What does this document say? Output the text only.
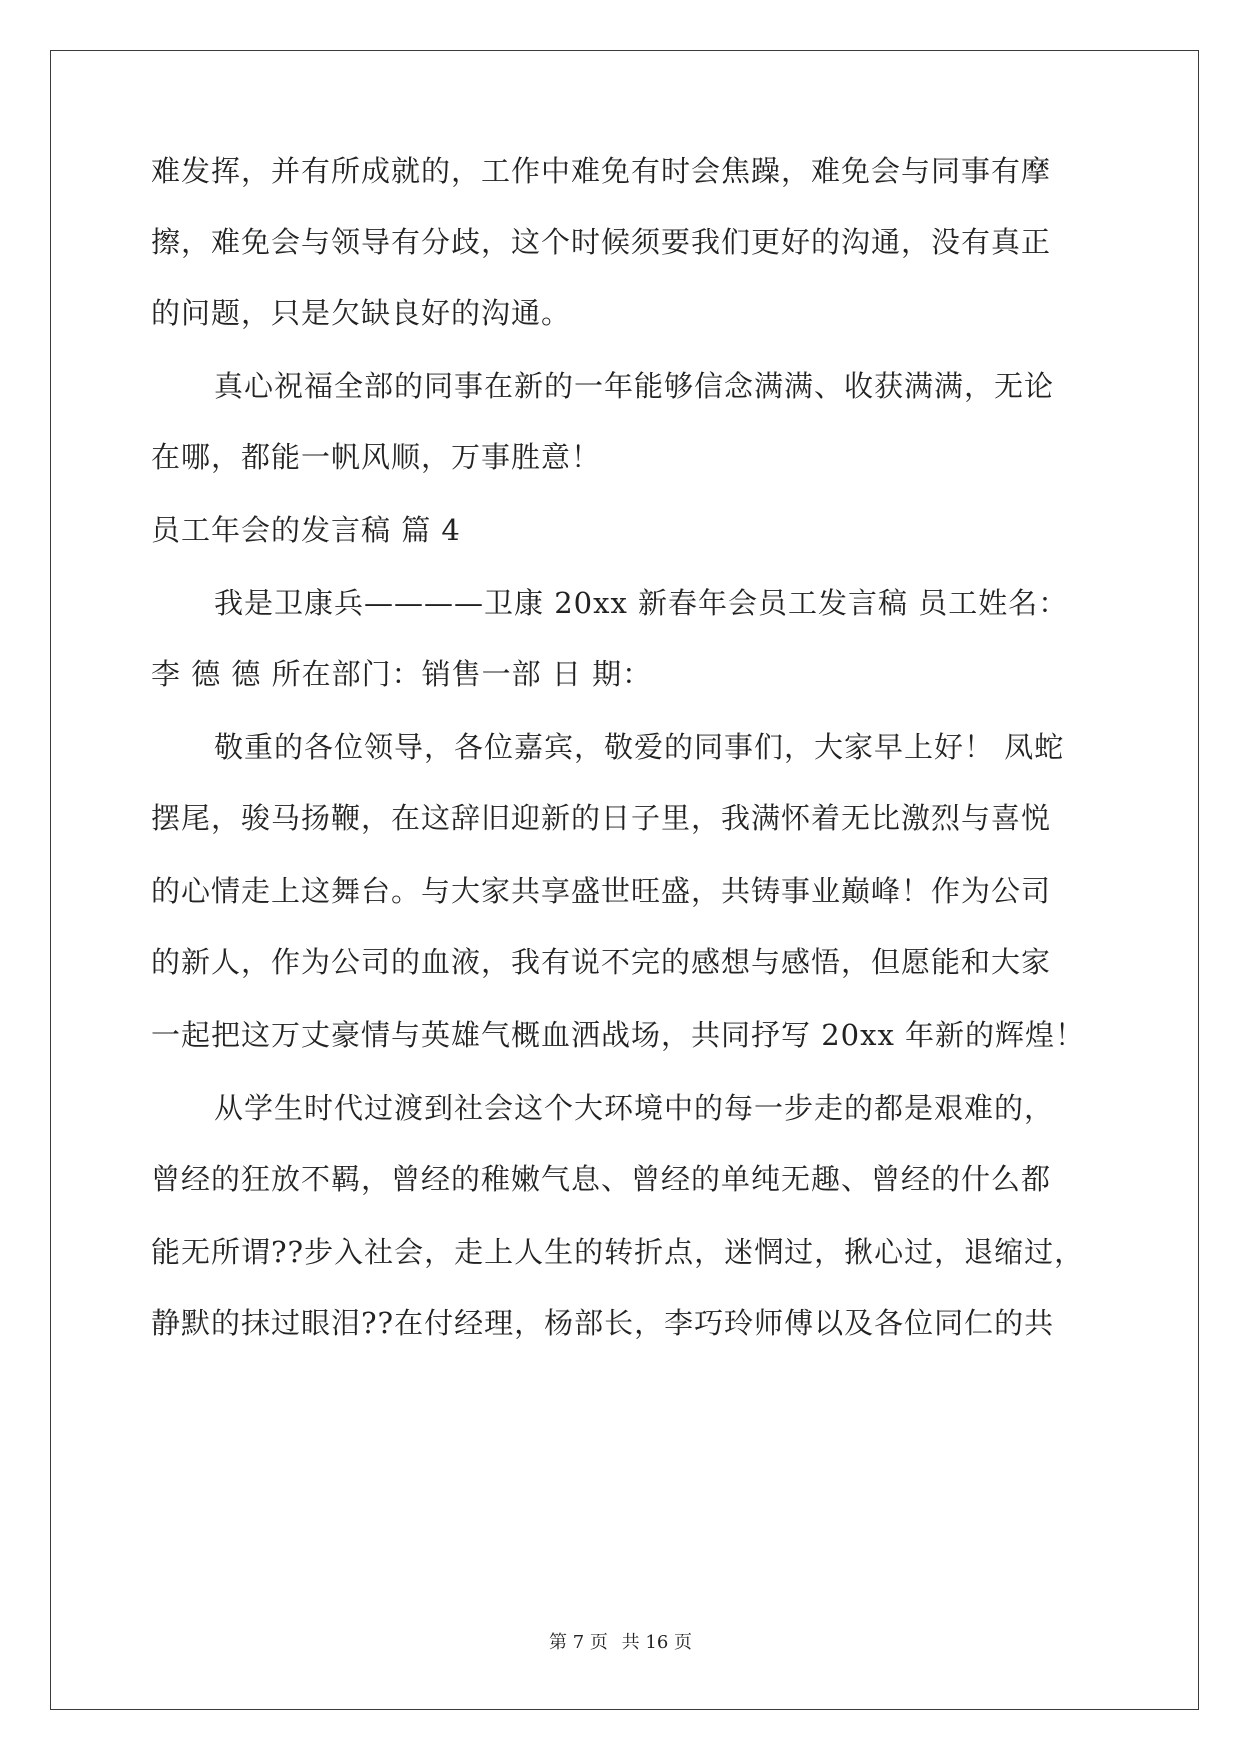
难发挥，并有所成就的，工作中难免有时会焦躁，难免会与同事有摩
擦，难免会与领导有分歧，这个时候须要我们更好的沟通，没有真正
的问题，只是欠缺良好的沟通。
真心祝福全部的同事在新的一年能够信念满满、收获满满，无论
在哪，都能一帆风顺，万事胜意！
员工年会的发言稿 篇 4
我是卫康兵————卫康 20xx 新春年会员工发言稿 员工姓名：
李 德 德 所在部门：销售一部 日 期：
敬重的各位领导，各位嘉宾，敬爱的同事们，大家早上好！ 凤蛇
摆尾，骏马扬鞭，在这辞旧迎新的日子里，我满怀着无比激烈与喜悦
的心情走上这舞台。与大家共享盛世旺盛，共铸事业巅峰！作为公司
的新人，作为公司的血液，我有说不完的感想与感悟，但愿能和大家
一起把这万丈豪情与英雄气概血洒战场，共同抒写 20xx 年新的辉煌！
从学生时代过渡到社会这个大环境中的每一步走的都是艰难的，
曾经的狂放不羁，曾经的稚嫩气息、曾经的单纯无趣、曾经的什么都
能无所谓??步入社会，走上人生的转折点，迷惘过，揪心过，退缩过，
静默的抹过眼泪??在付经理，杨部长，李巧玲师傅以及各位同仁的共
第 7 页 共 16 页
